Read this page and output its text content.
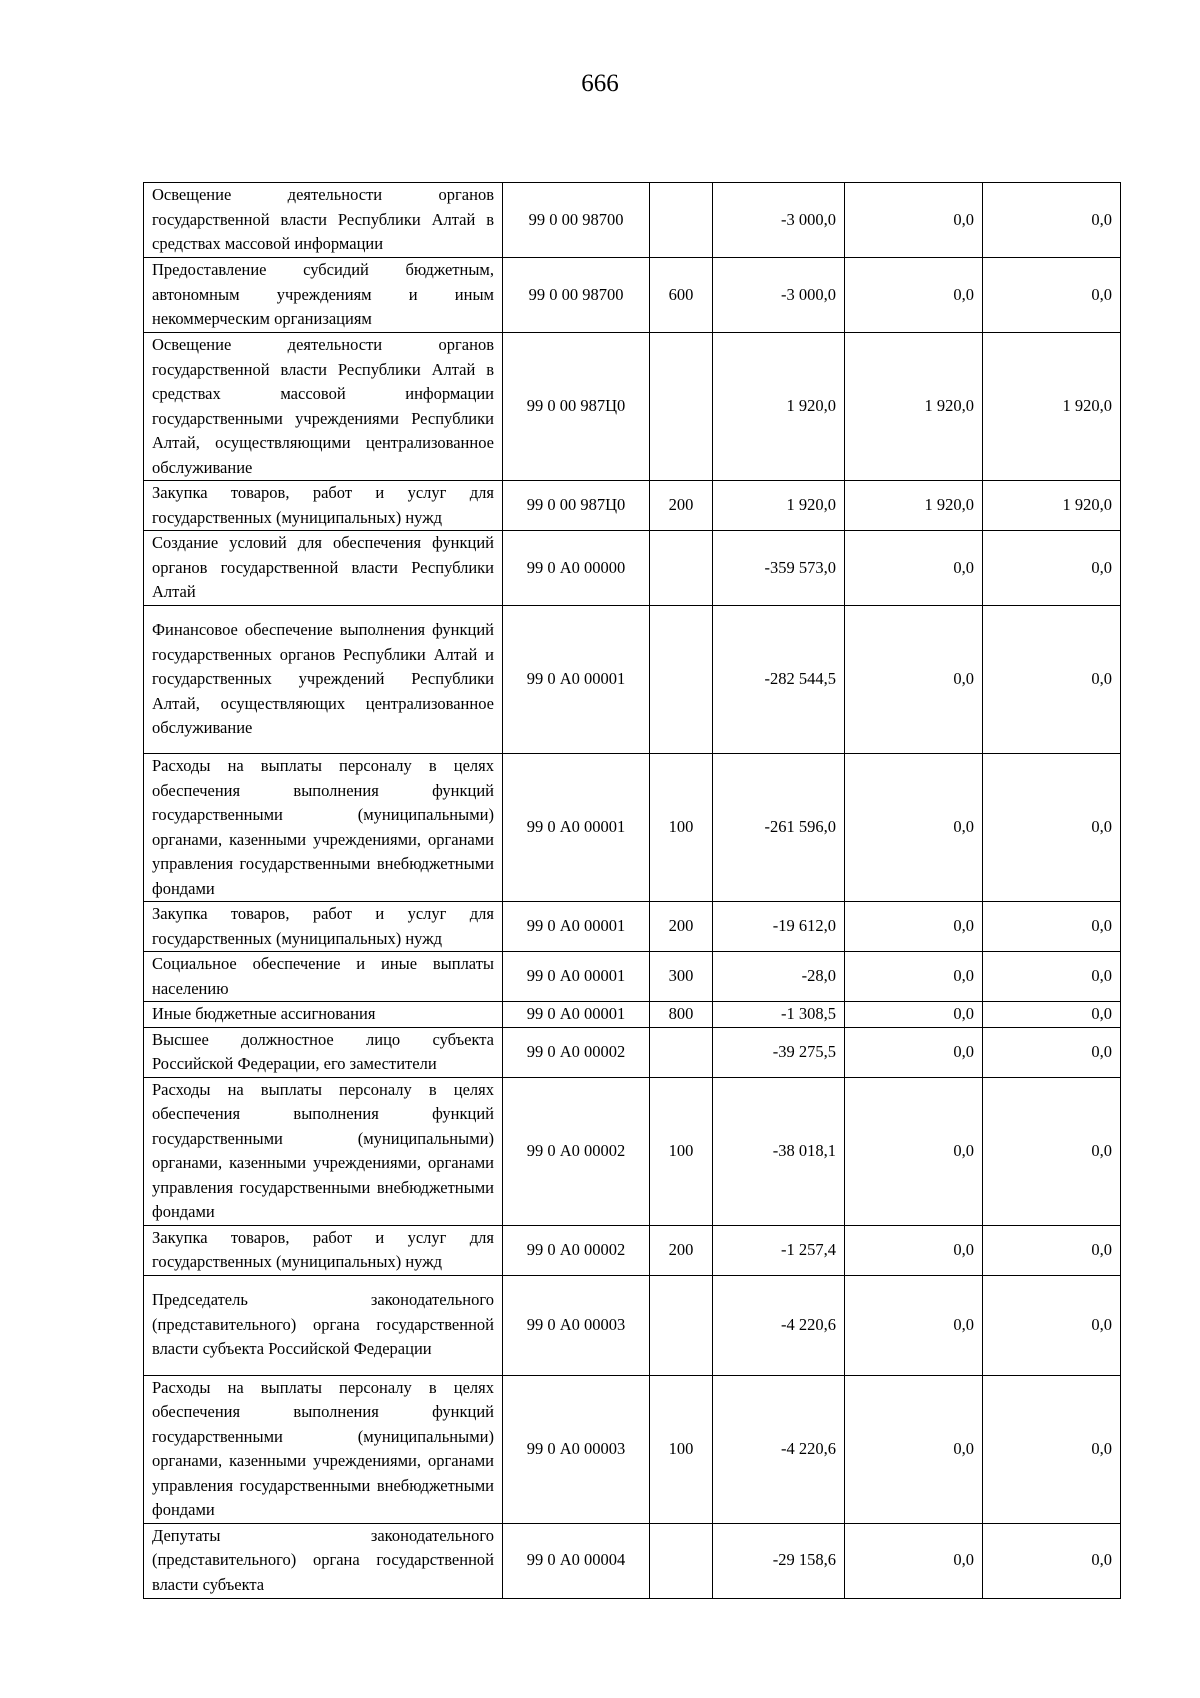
666
Освещение деятельности органов государственной власти Республики Алтай в средствах массовой информации	99 0 00 98700		-3 000,0	0,0	0,0
Предоставление субсидий бюджетным, автономным учреждениям и иным некоммерческим организациям	99 0 00 98700	600	-3 000,0	0,0	0,0
Освещение деятельности органов государственной власти Республики Алтай в средствах массовой информации государственными учреждениями Республики Алтай, осуществляющими централизованное обслуживание	99 0 00 987Ц0		1 920,0	1 920,0	1 920,0
Закупка товаров, работ и услуг для государственных (муниципальных) нужд	99 0 00 987Ц0	200	1 920,0	1 920,0	1 920,0
Создание условий для обеспечения функций органов государственной власти Республики Алтай	99 0 А0 00000		-359 573,0	0,0	0,0
Финансовое обеспечение выполнения функций государственных органов Республики Алтай и государственных учреждений Республики Алтай, осуществляющих централизованное обслуживание	99 0 А0 00001		-282 544,5	0,0	0,0
Расходы на выплаты персоналу в целях обеспечения выполнения функций государственными (муниципальными) органами, казенными учреждениями, органами управления государственными внебюджетными фондами	99 0 А0 00001	100	-261 596,0	0,0	0,0
Закупка товаров, работ и услуг для государственных (муниципальных) нужд	99 0 А0 00001	200	-19 612,0	0,0	0,0
Социальное обеспечение и иные выплаты населению	99 0 А0 00001	300	-28,0	0,0	0,0
Иные бюджетные ассигнования	99 0 А0 00001	800	-1 308,5	0,0	0,0
Высшее должностное лицо субъекта Российской Федерации, его заместители	99 0 А0 00002		-39 275,5	0,0	0,0
Расходы на выплаты персоналу в целях обеспечения выполнения функций государственными (муниципальными) органами, казенными учреждениями, органами управления государственными внебюджетными фондами	99 0 А0 00002	100	-38 018,1	0,0	0,0
Закупка товаров, работ и услуг для государственных (муниципальных) нужд	99 0 А0 00002	200	-1 257,4	0,0	0,0
Председатель законодательного (представительного) органа государственной власти субъекта Российской Федерации	99 0 А0 00003		-4 220,6	0,0	0,0
Расходы на выплаты персоналу в целях обеспечения выполнения функций государственными (муниципальными) органами, казенными учреждениями, органами управления государственными внебюджетными фондами	99 0 А0 00003	100	-4 220,6	0,0	0,0
Депутаты законодательного (представительного) органа государственной власти субъекта	99 0 А0 00004		-29 158,6	0,0	0,0
